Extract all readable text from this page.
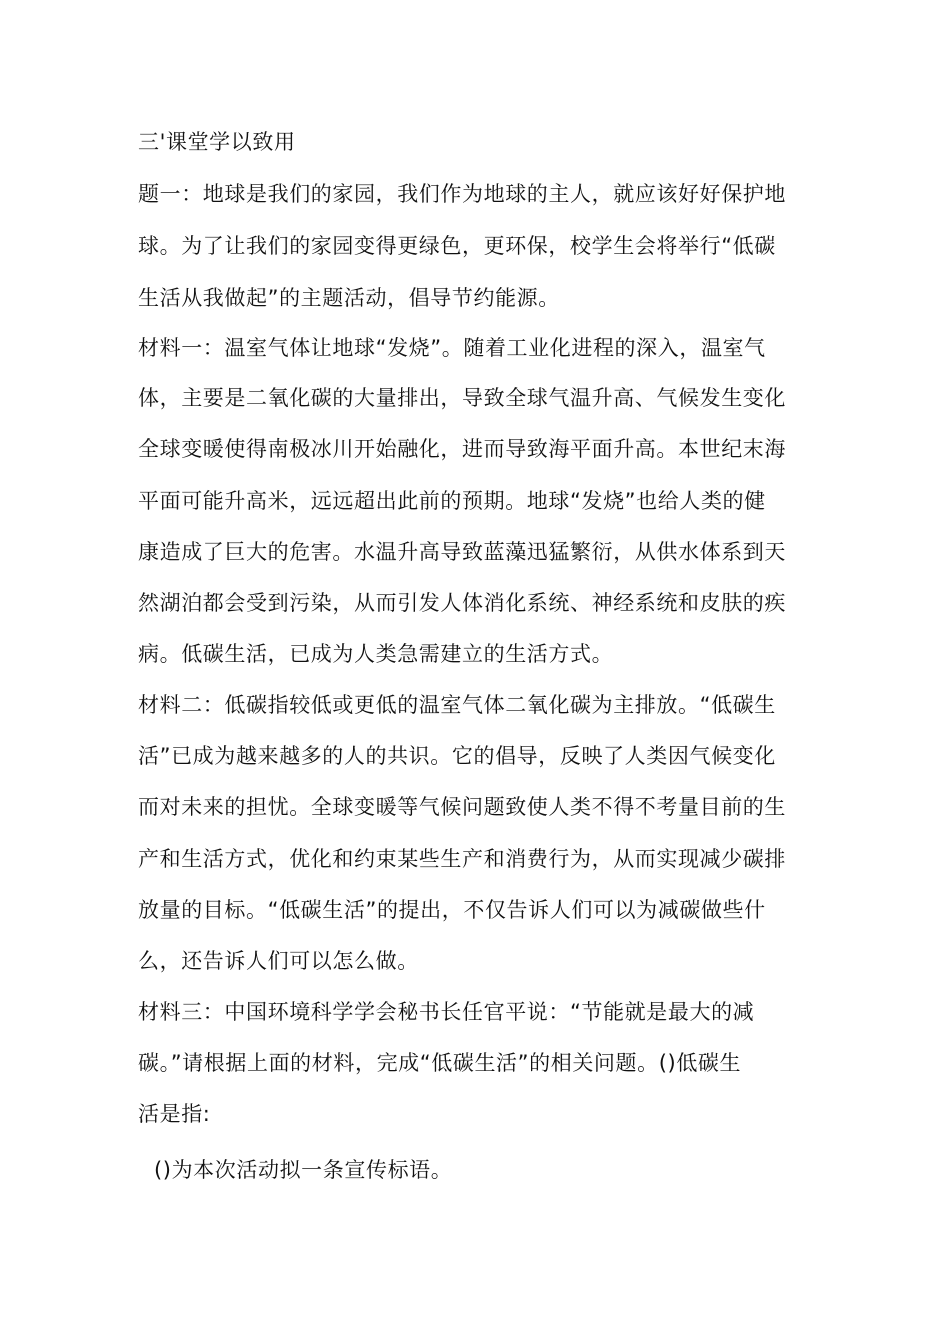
三'课堂学以致用
题一：地球是我们的家园，我们作为地球的主人，就应该好好保护地
球。为了让我们的家园变得更绿色，更环保，校学生会将举行“低碳
生活从我做起”的主题活动，倡导节约能源。
材料一：温室气体让地球“发烧”。随着工业化进程的深入，温室气
体，主要是二氧化碳的大量排出，导致全球气温升高、气候发生变化
全球变暖使得南极冰川开始融化，进而导致海平面升高。本世纪末海
平面可能升高米，远远超出此前的预期。地球“发烧”也给人类的健
康造成了巨大的危害。水温升高导致蓝藻迅猛繁衍，从供水体系到天
然湖泊都会受到污染，从而引发人体消化系统、神经系统和皮肤的疾
病。低碳生活，已成为人类急需建立的生活方式。
材料二：低碳指较低或更低的温室气体二氧化碳为主排放。“低碳生
活”已成为越来越多的人的共识。它的倡导，反映了人类因气候变化
而对未来的担忧。全球变暖等气候问题致使人类不得不考量目前的生
产和生活方式，优化和约束某些生产和消费行为，从而实现减少碳排
放量的目标。“低碳生活”的提出，不仅告诉人们可以为减碳做些什
么，还告诉人们可以怎么做。
材料三：中国环境科学学会秘书长任官平说：“节能就是最大的减
碳。”请根据上面的材料，完成“低碳生活”的相关问题。()低碳生
活是指:
()为本次活动拟一条宣传标语。
